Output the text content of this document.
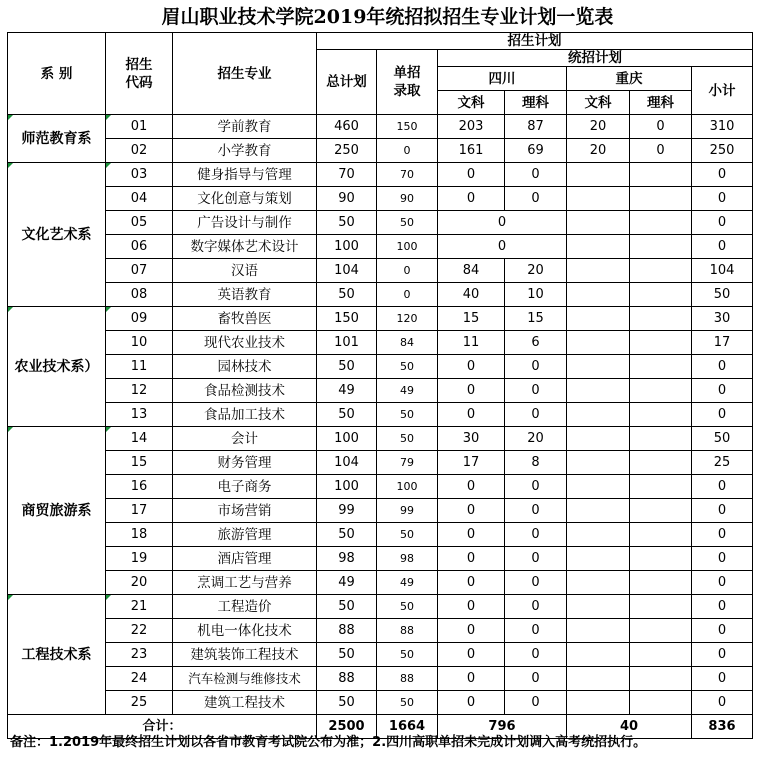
眉山职业技术学院2019年统招拟招生专业计划一览表
系 别	招生代码	招生专业	招生计划						
			总计划	单招录取	统招计划				
					四川		重庆		小计
					文科	理科	文科	理科	
师范教育系	01	学前教育	460	150	203	87	20	0	310
	02	小学教育	250	0	161	69	20	0	250
文化艺术系	03	健身指导与管理	70	70	0	0			0
	04	文化创意与策划	90	90	0	0			0
	05	广告设计与制作	50	50	0				0
	06	数字媒体艺术设计	100	100	0				0
	07	汉语	104	0	84	20			104
	08	英语教育	50	0	40	10			50
农业技术系）	09	畜牧兽医	150	120	15	15			30
	10	现代农业技术	101	84	11	6			17
	11	园林技术	50	50	0	0			0
	12	食品检测技术	49	49	0	0			0
	13	食品加工技术	50	50	0	0			0
商贸旅游系	14	会计	100	50	30	20			50
	15	财务管理	104	79	17	8			25
	16	电子商务	100	100	0	0			0
	17	市场营销	99	99	0	0			0
	18	旅游管理	50	50	0	0			0
	19	酒店管理	98	98	0	0			0
	20	烹调工艺与营养	49	49	0	0			0
工程技术系	21	工程造价	50	50	0	0			0
	22	机电一体化技术	88	88	0	0			0
	23	建筑装饰工程技术	50	50	0	0			0
	24	汽车检测与维修技术	88	88	0	0			0
	25	建筑工程技术	50	50	0	0			0
合计：			2500	1664	796		40		836
备注：1.2019年最终招生计划以各省市教育考试院公布为准；2.四川高职单招未完成计划调入高考统招执行。
